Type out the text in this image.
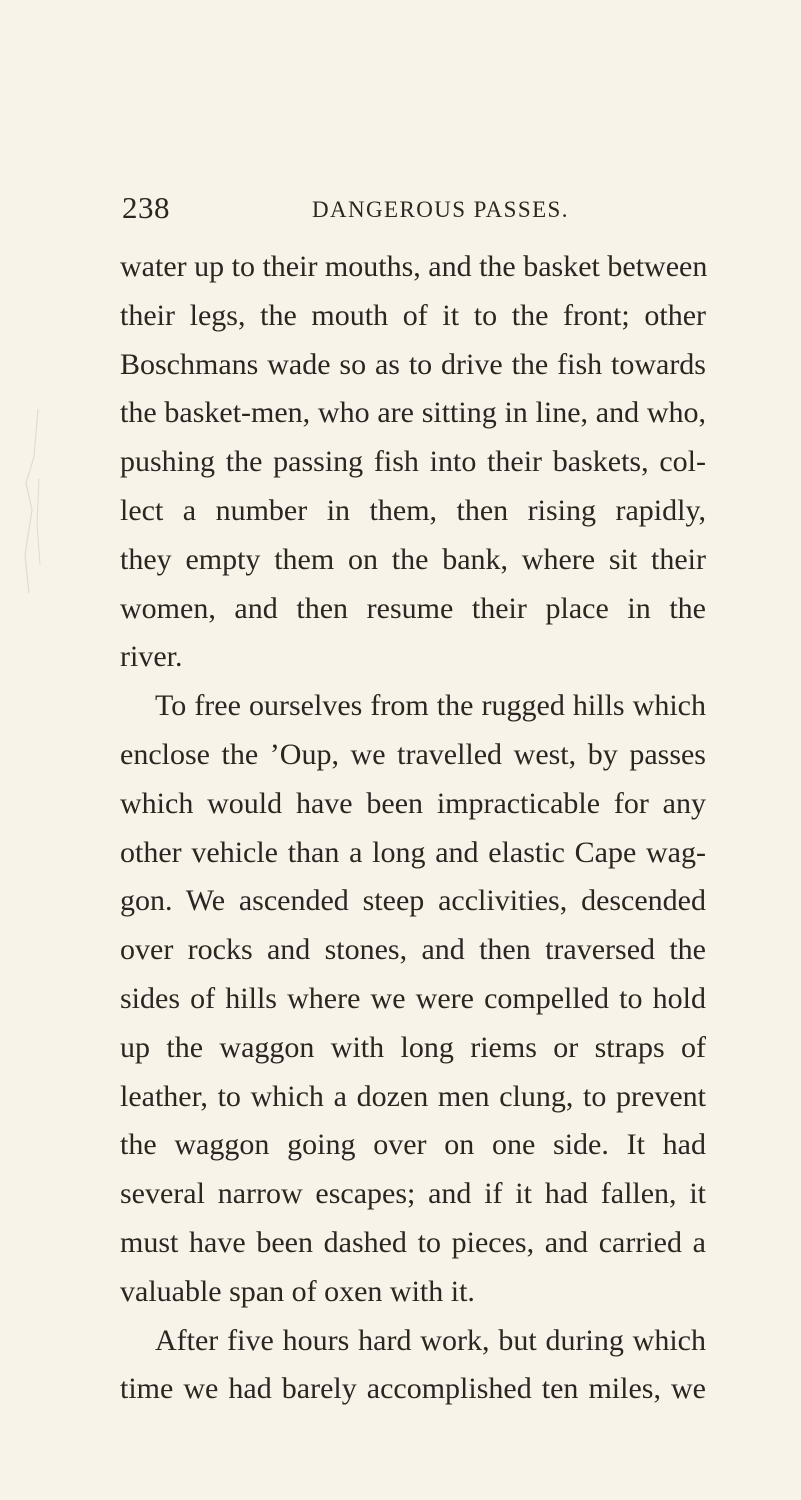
238	DANGEROUS PASSES.
water up to their mouths, and the basket between
their legs, the mouth of it to the front; other
Boschmans wade so as to drive the fish towards
the basket-men, who are sitting in line, and who,
pushing the passing fish into their baskets, col-
lect a number in them, then rising rapidly,
they empty them on the bank, where sit their
women, and then resume their place in the
river.
To free ourselves from the rugged hills which
enclose the ’Oup, we travelled west, by passes
which would have been impracticable for any
other vehicle than a long and elastic Cape wag-
gon. We ascended steep acclivities, descended
over rocks and stones, and then traversed the
sides of hills where we were compelled to hold
up the waggon with long riems or straps of
leather, to which a dozen men clung, to prevent
the waggon going over on one side. It had
several narrow escapes; and if it had fallen, it
must have been dashed to pieces, and carried a
valuable span of oxen with it.
After five hours hard work, but during which
time we had barely accomplished ten miles, we
